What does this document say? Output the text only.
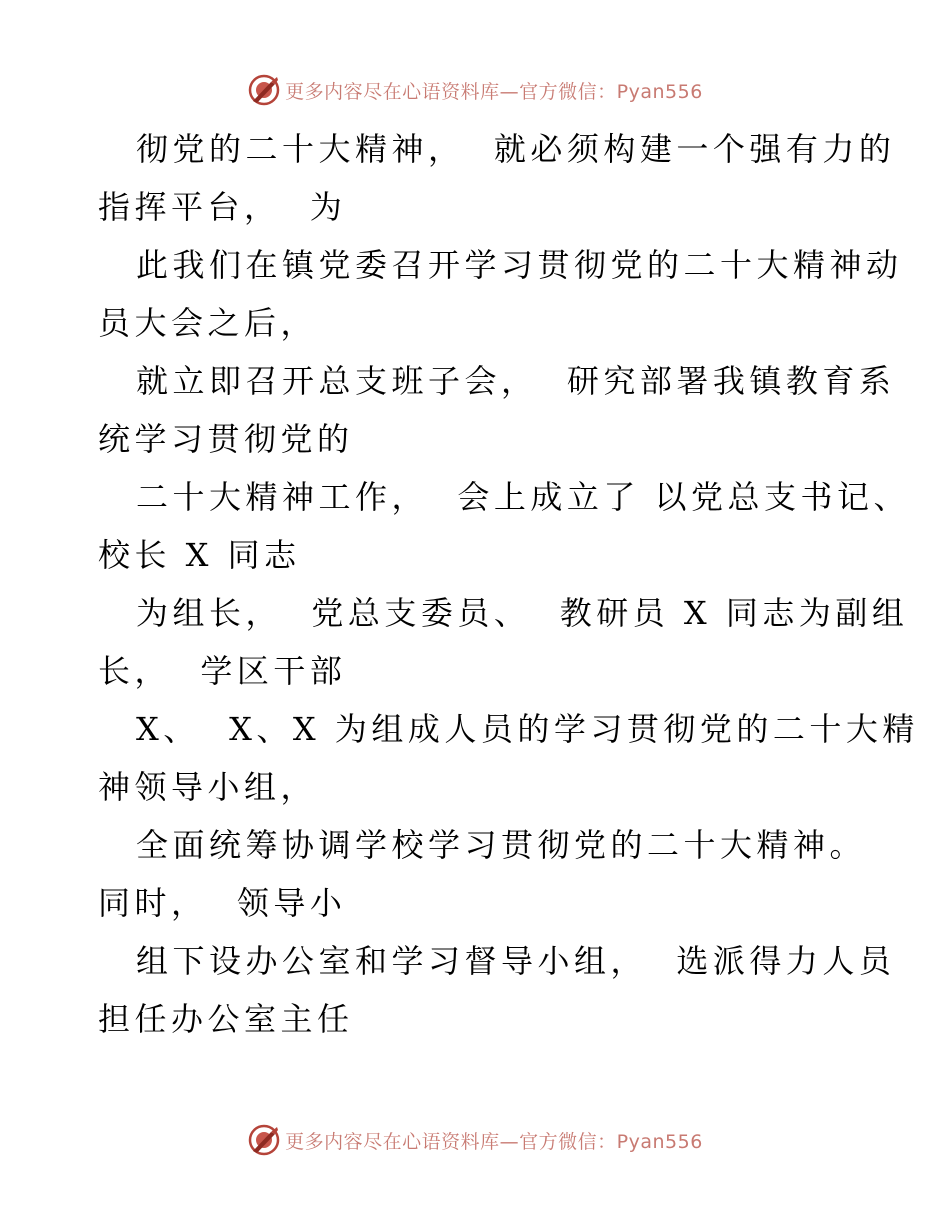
更多内容尽在心语资料库—官方微信：Pyan556
彻党的二十大精神，  就必须构建一个强有力的
指挥平台，  为
此我们在镇党委召开学习贯彻党的二十大精神动
员大会之后，
就立即召开总支班子会，  研究部署我镇教育系
统学习贯彻党的
二十大精神工作，  会上成立了 以党总支书记、
校长 X 同志
为组长，  党总支委员、  教研员 X 同志为副组
长，  学区干部
X、  X、X 为组成人员的学习贯彻党的二十大精
神领导小组，
全面统筹协调学校学习贯彻党的二十大精神。
同时，  领导小
组下设办公室和学习督导小组，  选派得力人员
担任办公室主任
更多内容尽在心语资料库—官方微信：Pyan556
